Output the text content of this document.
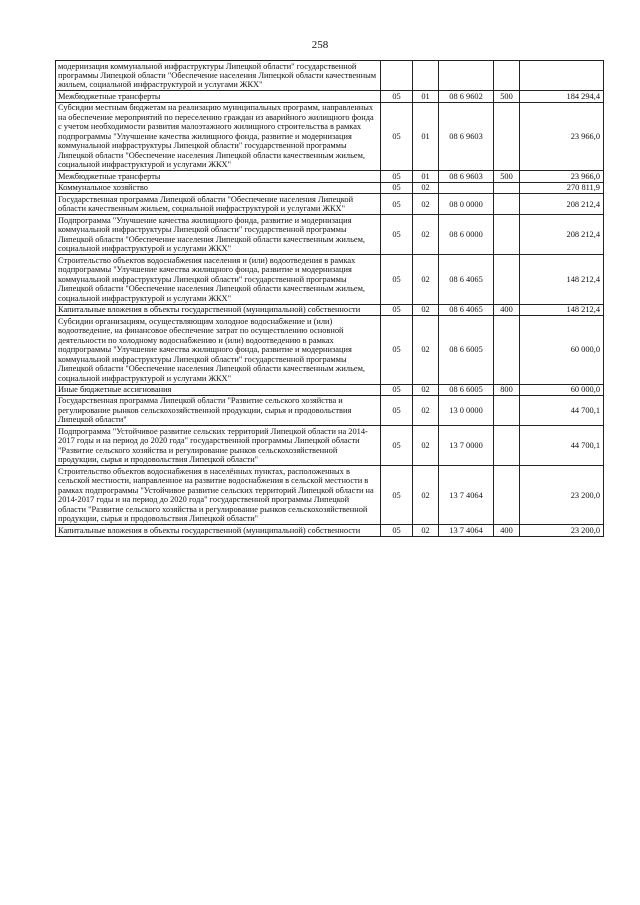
258
модернизация коммунальной инфраструктуры Липецкой области" государственной программы Липецкой области "Обеспечение населения Липецкой области качественным жильем, социальной инфраструктурой и услугами ЖКХ"					
Межбюджетные трансферты	05	01	08 6 9602	500	184 294,4
Субсидии местным бюджетам на реализацию муниципальных программ, направленных на обеспечение мероприятий по переселению граждан из аварийного жилищного фонда с учетом необходимости развития малоэтажного жилищного строительства в рамках подпрограммы "Улучшение качества жилищного фонда, развитие и модернизация коммунальной инфраструктуры Липецкой области" государственной программы Липецкой области "Обеспечение населения Липецкой области качественным жильем, социальной инфраструктурой и услугами ЖКХ"	05	01	08 6 9603		23 966,0
Межбюджетные трансферты	05	01	08 6 9603	500	23 966,0
Коммунальное хозяйство	05	02			270 811,9
Государственная программа Липецкой области "Обеспечение населения Липецкой области качественным жильем, социальной инфраструктурой и услугами ЖКХ"	05	02	08 0 0000		208 212,4
Подпрограмма "Улучшение качества жилищного фонда, развитие и модернизация коммунальной инфраструктуры Липецкой области" государственной программы Липецкой области "Обеспечение населения Липецкой области качественным жильем, социальной инфраструктурой и услугами ЖКХ"	05	02	08 6 0000		208 212,4
Строительство объектов водоснабжения населения и (или) водоотведения в рамках подпрограммы "Улучшение качества жилищного фонда, развитие и модернизация коммунальной инфраструктуры Липецкой области" государственной программы Липецкой области "Обеспечение населения Липецкой области качественным жильем, социальной инфраструктурой и услугами ЖКХ"	05	02	08 6 4065		148 212,4
Капитальные вложения в объекты государственной (муниципальной) собственности	05	02	08 6 4065	400	148 212,4
Субсидии организациям, осуществляющим холодное водоснабжение и (или) водоотведение, на финансовое обеспечение затрат по осуществлению основной деятельности по холодному водоснабжению и (или) водоотведению в рамках подпрограммы "Улучшение качества жилищного фонда, развитие и модернизация коммунальной инфраструктуры Липецкой области" государственной программы Липецкой области "Обеспечение населения Липецкой области качественным жильем, социальной инфраструктурой и услугами ЖКХ"	05	02	08 6 6005		60 000,0
Иные бюджетные ассигнования	05	02	08 6 6005	800	60 000,0
Государственная программа Липецкой области "Развитие сельского хозяйства и регулирование рынков сельскохозяйственной продукции, сырья и продовольствия Липецкой области"	05	02	13 0 0000		44 700,1
Подпрограмма "Устойчивое развитие сельских территорий Липецкой области на 2014-2017 годы и на период до 2020 года" государственной программы Липецкой области "Развитие сельского хозяйства и регулирование рынков сельскохозяйственной продукции, сырья и продовольствия Липецкой области"	05	02	13 7 0000		44 700,1
Строительство объектов водоснабжения в населённых пунктах, расположенных в сельской местности, направленное на развитие водоснабжения в сельской местности в рамках подпрограммы "Устойчивое развитие сельских территорий Липецкой области на 2014-2017 годы и на период до 2020 года" государственной программы Липецкой области "Развитие сельского хозяйства и регулирование рынков сельскохозяйственной продукции, сырья и продовольствия Липецкой области"	05	02	13 7 4064		23 200,0
Капитальные вложения в объекты государственной (муниципальной) собственности	05	02	13 7 4064	400	23 200,0
